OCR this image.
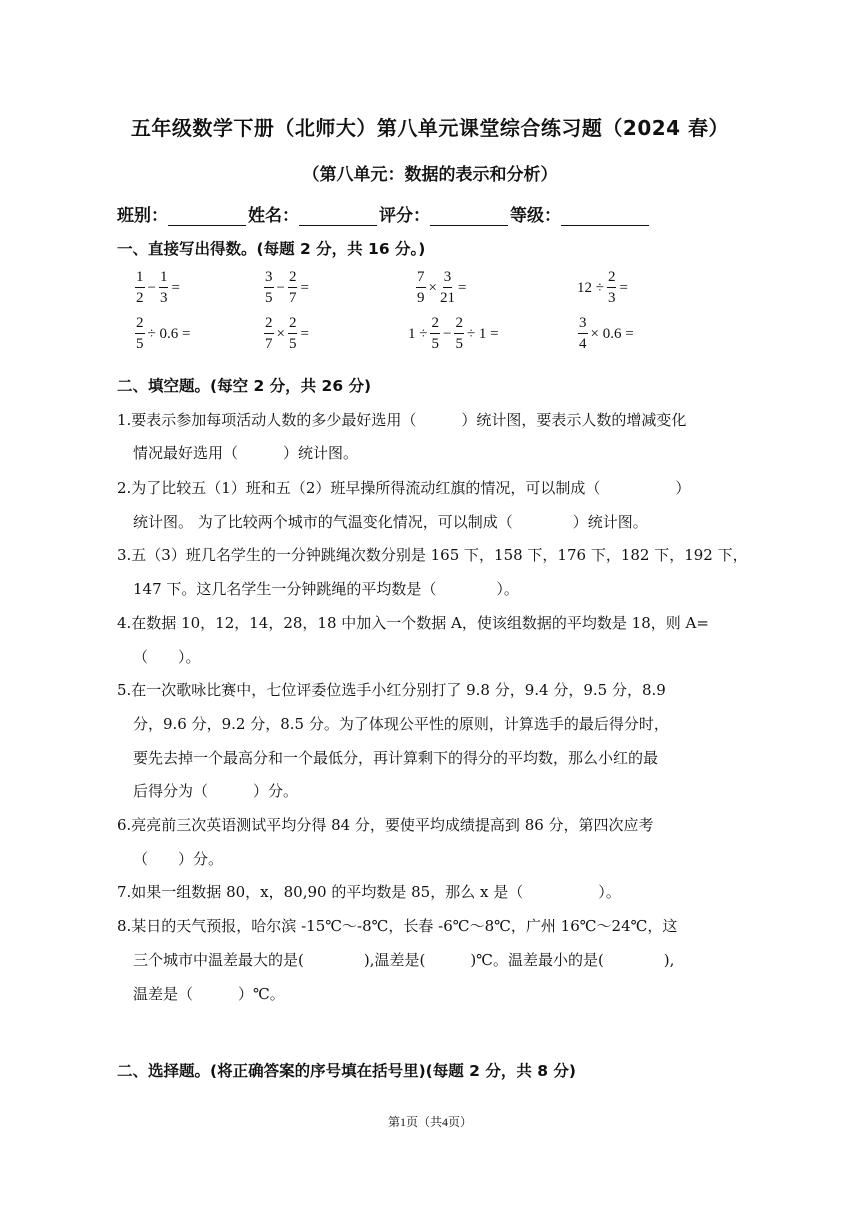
五年级数学下册（北师大）第八单元课堂综合练习题（2024 春）
（第八单元：数据的表示和分析）
班别：	姓名：	评分：	等级：
一、直接写出得数。(每题 2 分，共 16 分。)
$\frac{1}{2} - \frac{1}{3}$ =	$\frac{3}{5} - \frac{2}{7}$ =	$\frac{7}{9} \times \frac{3}{21}$ =	$12 \div \frac{2}{3}$ =
$\frac{2}{5} \div 0.6$ =	$\frac{2}{7} \times \frac{2}{5}$ =	$1 \div \frac{2}{5} - \frac{2}{5} \div 1$ =	$\frac{3}{4} \times 0.6$ =
二、填空题。(每空 2 分，共 26 分)
1.要表示参加每项活动人数的多少最好选用（　　　）统计图，要表示人数的增减变化
情况最好选用（　　　）统计图。
2.为了比较五（1）班和五（2）班早操所得流动红旗的情况，可以制成（　　　　　）
统计图。 为了比较两个城市的气温变化情况，可以制成（　　　　）统计图。
3.五（3）班几名学生的一分钟跳绳次数分别是 165 下，158 下，176 下，182 下，192 下，
147 下。这几名学生一分钟跳绳的平均数是（　　　　）。
4.在数据 10，12，14，28，18 中加入一个数据 A，使该组数据的平均数是 18，则 A=
（　　）。
5.在一次歌咏比赛中，七位评委位选手小红分别打了 9.8 分，9.4 分，9.5 分，8.9
分，9.6 分，9.2 分，8.5 分。为了体现公平性的原则，计算选手的最后得分时，
要先去掉一个最高分和一个最低分，再计算剩下的得分的平均数，那么小红的最
后得分为（　　　）分。
6.亮亮前三次英语测试平均分得 84 分，要使平均成绩提高到 86 分，第四次应考
（　　）分。
7.如果一组数据 80，x，80,90 的平均数是 85，那么 x 是（　　　　　）。
8.某日的天气预报，哈尔滨 -15℃～-8℃，长春 -6℃～8℃，广州 16℃～24℃，这
三个城市中温差最大的是(　　　　),温差是(　　　)℃。温差最小的是(　　　　),
温差是（　　　）℃。
二、选择题。(将正确答案的序号填在括号里)(每题 2 分，共 8 分)
第1页（共4页）
